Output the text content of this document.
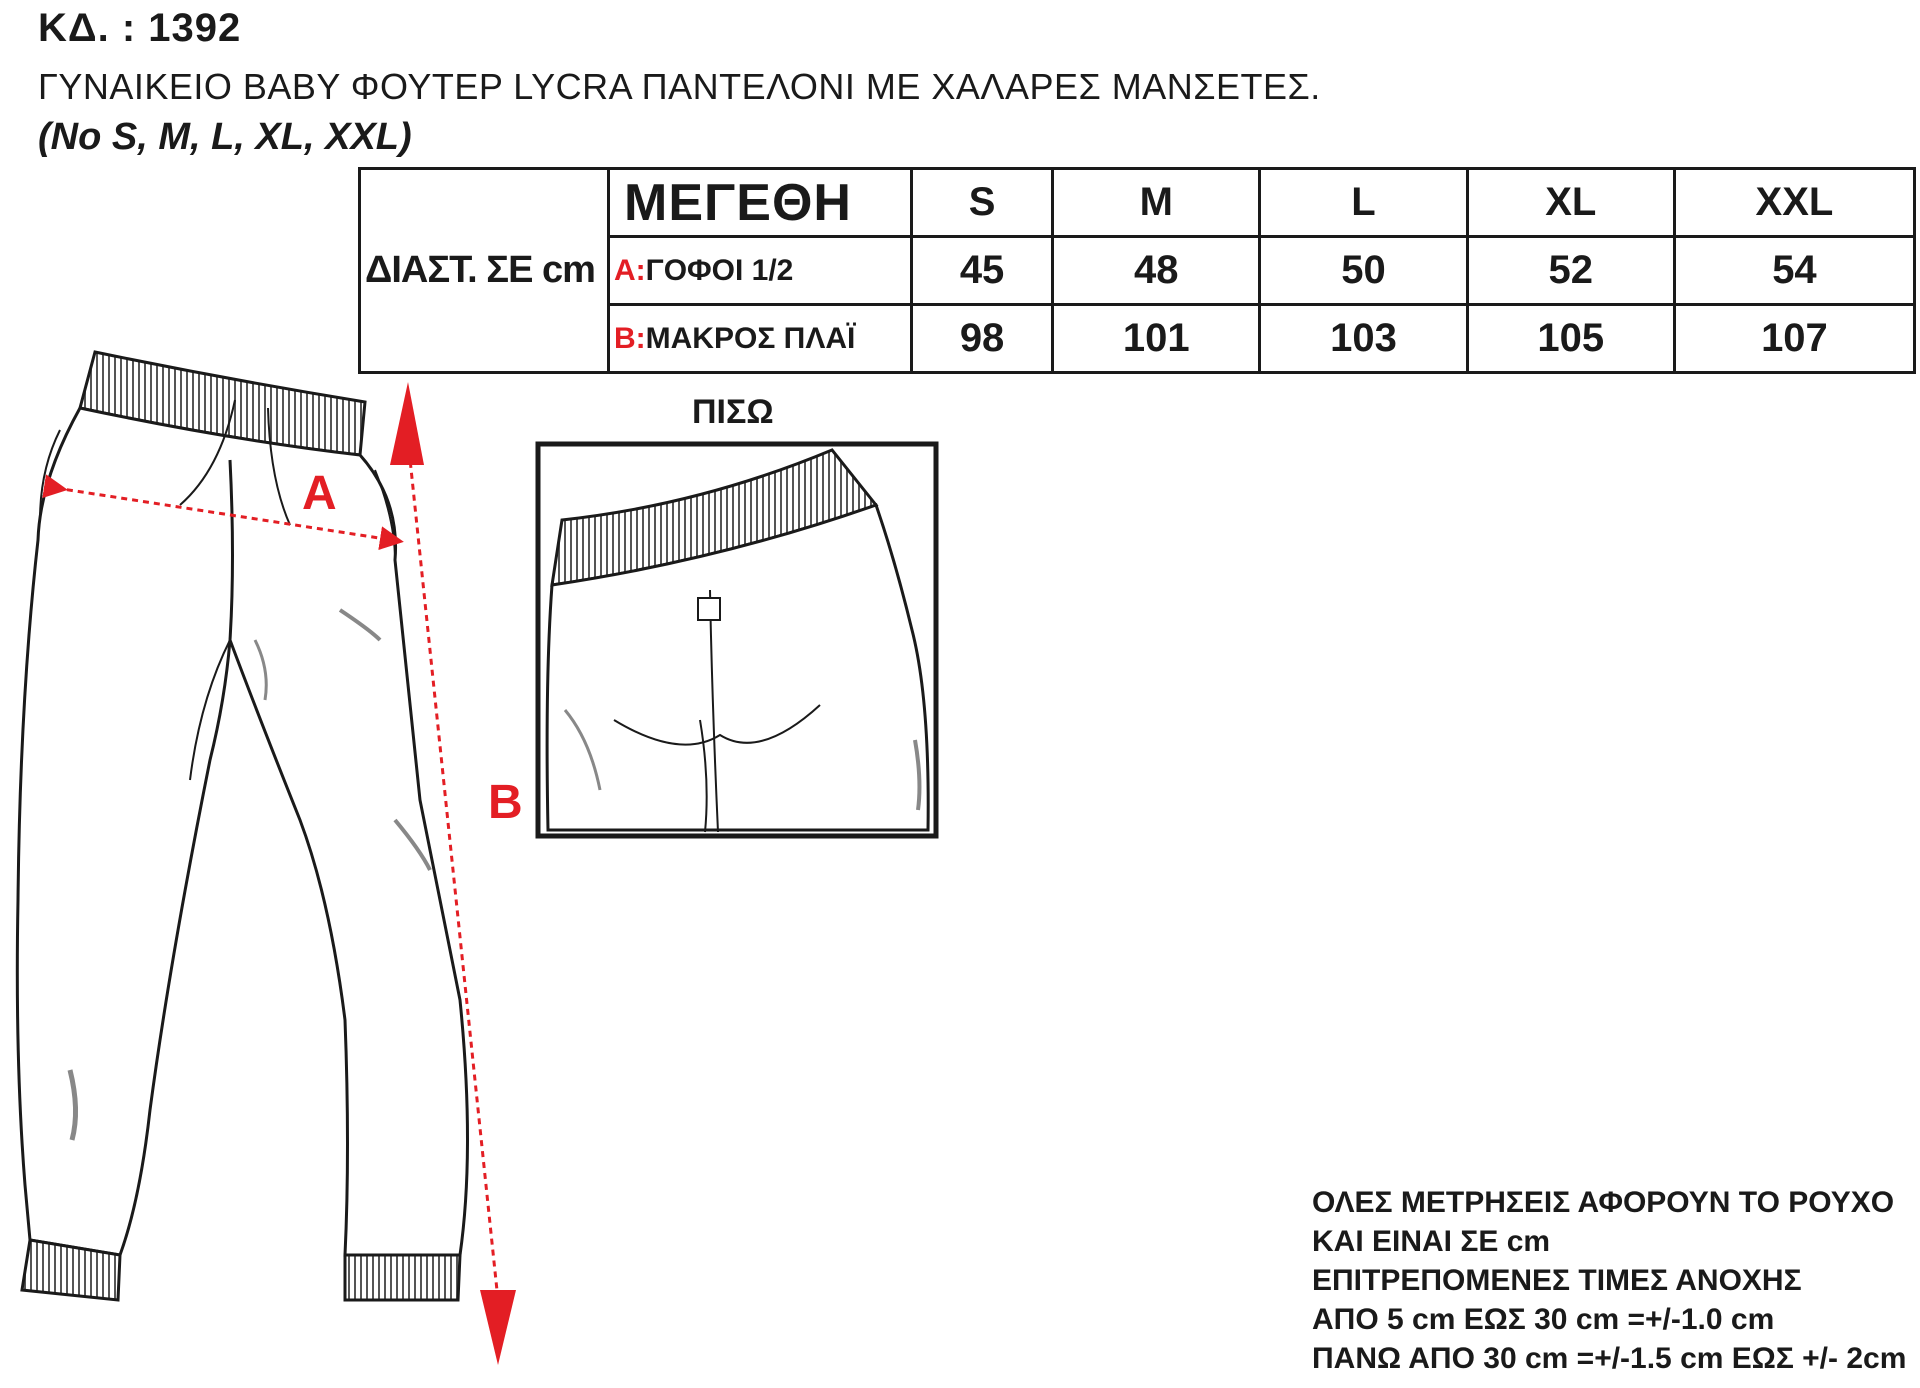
ΚΔ. : 1392
ΓΥΝΑΙΚΕΙΟ BABY ΦΟΥΤΕΡ LYCRA ΠΑΝΤΕΛΟΝΙ ΜΕ ΧΑΛΑΡΕΣ ΜΑΝΣΕΤΕΣ.
(No S, M, L, XL, XXL)
ΔΙΑΣΤ. ΣΕ cm	ΜΕΓΕΘΗ	S	M	L	XL	XXL
	A:ΓΟΦΟΙ 1/2	45	48	50	52	54
	B:ΜΑΚΡΟΣ ΠΛΑΪ	98	101	103	105	107
A
B
ΠΙΣΩ
ΟΛΕΣ ΜΕΤΡΗΣΕΙΣ ΑΦΟΡΟΥΝ ΤΟ ΡΟΥΧΟ
ΚΑΙ ΕΙΝΑΙ ΣΕ cm
ΕΠΙΤΡΕΠΟΜΕΝΕΣ ΤΙΜΕΣ ΑΝΟΧΗΣ
ΑΠΟ 5 cm ΕΩΣ 30 cm =+/-1.0 cm
ΠΑΝΩ ΑΠΟ 30 cm =+/-1.5 cm ΕΩΣ +/- 2cm
